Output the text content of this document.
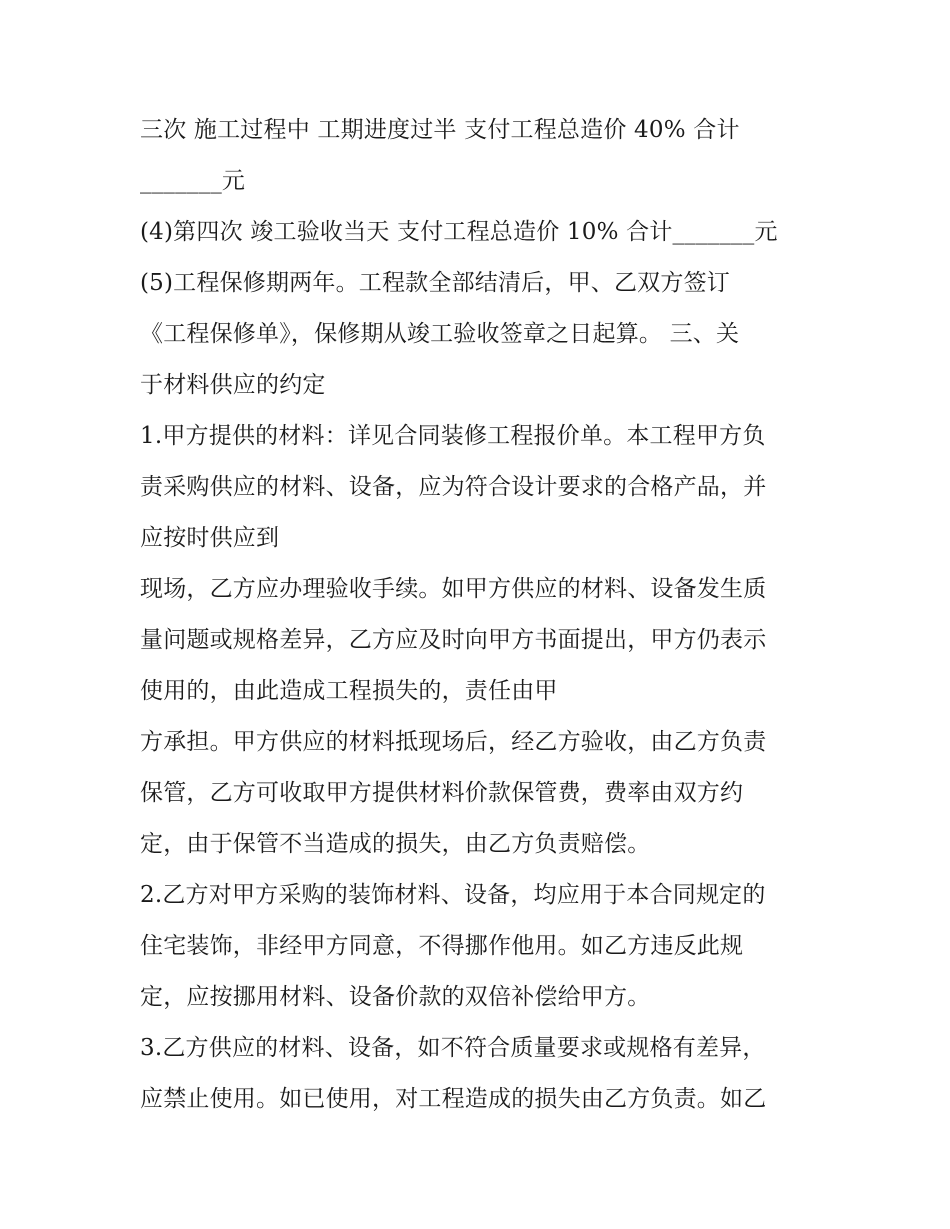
三次 施工过程中 工期进度过半 支付工程总造价 40% 合计
_______元
(4)第四次 竣工验收当天 支付工程总造价 10% 合计_______元
(5)工程保修期两年。工程款全部结清后，甲、乙双方签订
《工程保修单》，保修期从竣工验收签章之日起算。 三、关
于材料供应的约定
1.甲方提供的材料：详见合同装修工程报价单。本工程甲方负
责采购供应的材料、设备，应为符合设计要求的合格产品，并
应按时供应到
现场，乙方应办理验收手续。如甲方供应的材料、设备发生质
量问题或规格差异，乙方应及时向甲方书面提出，甲方仍表示
使用的，由此造成工程损失的，责任由甲
方承担。甲方供应的材料抵现场后，经乙方验收，由乙方负责
保管，乙方可收取甲方提供材料价款保管费，费率由双方约
定，由于保管不当造成的损失，由乙方负责赔偿。
2.乙方对甲方采购的装饰材料、设备，均应用于本合同规定的
住宅装饰，非经甲方同意，不得挪作他用。如乙方违反此规
定，应按挪用材料、设备价款的双倍补偿给甲方。
3.乙方供应的材料、设备，如不符合质量要求或规格有差异，
应禁止使用。如已使用，对工程造成的损失由乙方负责。如乙
